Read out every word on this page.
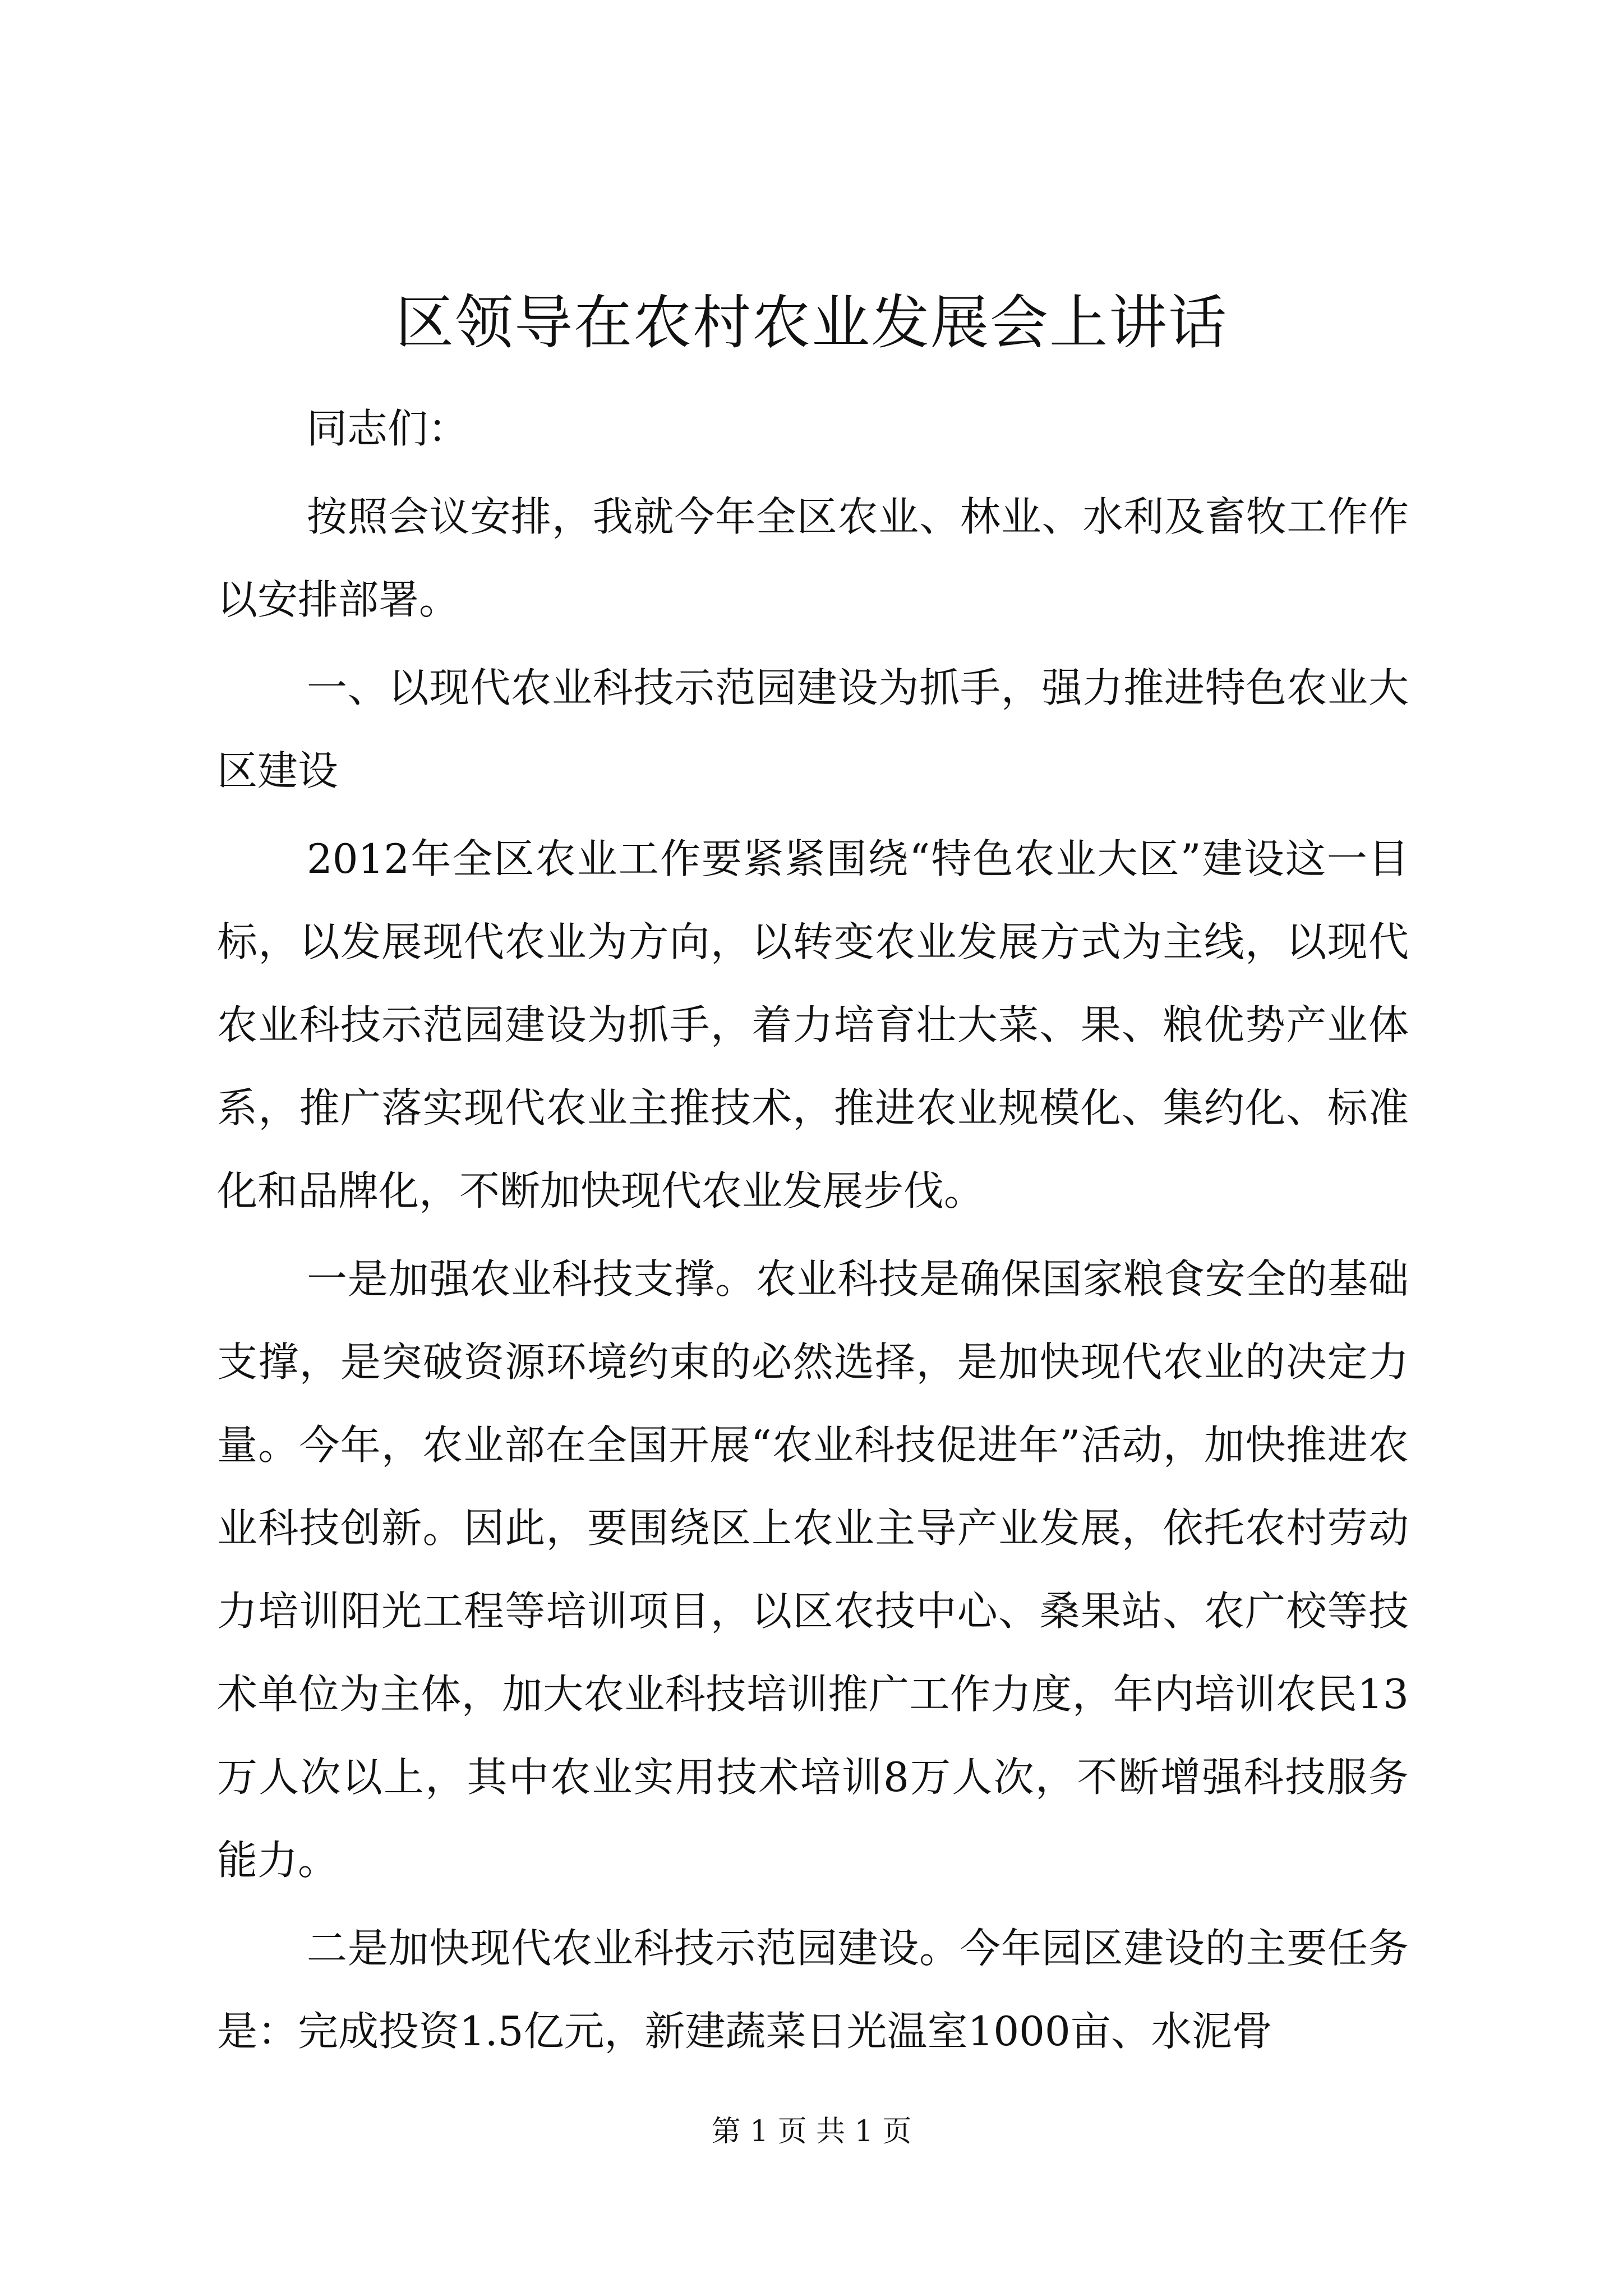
区领导在农村农业发展会上讲话

同志们：

按照会议安排，我就今年全区农业、林业、水利及畜牧工作作以安排部署。

一、以现代农业科技示范园建设为抓手，强力推进特色农业大区建设

2012年全区农业工作要紧紧围绕“特色农业大区”建设这一目标，以发展现代农业为方向，以转变农业发展方式为主线，以现代农业科技示范园建设为抓手，着力培育壮大菜、果、粮优势产业体系，推广落实现代农业主推技术，推进农业规模化、集约化、标准化和品牌化，不断加快现代农业发展步伐。

一是加强农业科技支撑。农业科技是确保国家粮食安全的基础支撑，是突破资源环境约束的必然选择，是加快现代农业的决定力量。今年，农业部在全国开展“农业科技促进年”活动，加快推进农业科技创新。因此，要围绕区上农业主导产业发展，依托农村劳动力培训阳光工程等培训项目，以区农技中心、桑果站、农广校等技术单位为主体，加大农业科技培训推广工作力度，年内培训农民13万人次以上，其中农业实用技术培训8万人次，不断增强科技服务能力。

二是加快现代农业科技示范园建设。今年园区建设的主要任务是：完成投资1.5亿元，新建蔬菜日光温室1000亩、水泥骨

第 1 页 共 1 页
